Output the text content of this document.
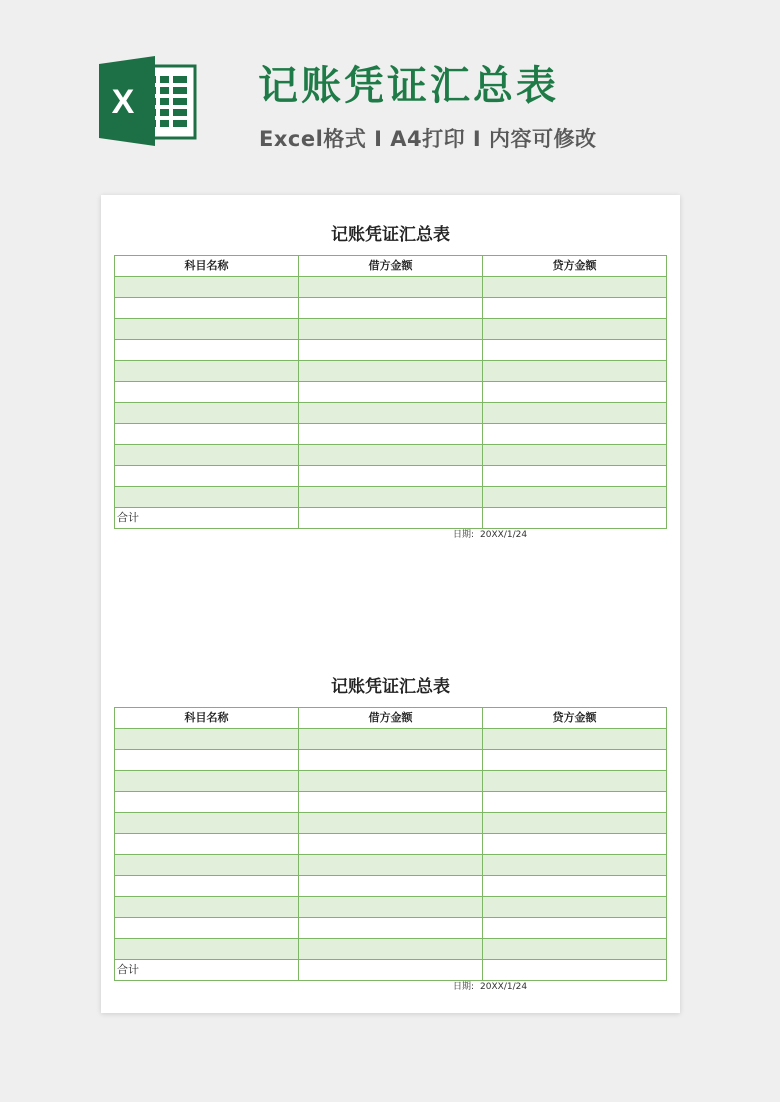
X	记账凭证汇总表

Excel格式 I A4打印 I 内容可修改

记账凭证汇总表
科目名称	借方金额	贷方金额

合计		
日期: 20XX/1/24
记账凭证汇总表
科目名称	借方金额	贷方金额

合计		
日期: 20XX/1/24
